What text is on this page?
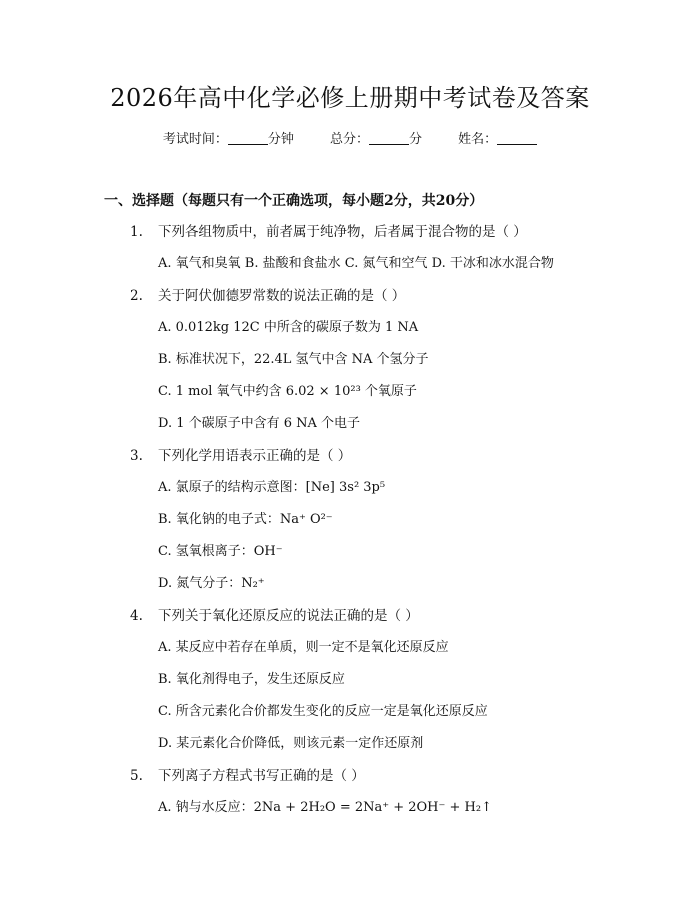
2026年高中化学必修上册期中考试卷及答案
考试时间：	分钟	总分：	分	姓名：
一、选择题（每题只有一个正确选项，每小题2分，共20分）
1. 下列各组物质中，前者属于纯净物，后者属于混合物的是（ ）
A. 氧气和臭氧 B. 盐酸和食盐水 C. 氮气和空气 D. 干冰和冰水混合物
2. 关于阿伏伽德罗常数的说法正确的是（ ）
A. 0.012kg 12C 中所含的碳原子数为 1 NA
B. 标准状况下，22.4L 氢气中含 NA 个氢分子
C. 1 mol 氧气中约含 6.02 × 10²³ 个氧原子
D. 1 个碳原子中含有 6 NA 个电子
3. 下列化学用语表示正确的是（ ）
A. 氯原子的结构示意图：[Ne] 3s² 3p⁵
B. 氧化钠的电子式：Na⁺ O²⁻
C. 氢氧根离子：OH⁻
D. 氮气分子：N₂⁺
4. 下列关于氧化还原反应的说法正确的是（ ）
A. 某反应中若存在单质，则一定不是氧化还原反应
B. 氧化剂得电子，发生还原反应
C. 所含元素化合价都发生变化的反应一定是氧化还原反应
D. 某元素化合价降低，则该元素一定作还原剂
5. 下列离子方程式书写正确的是（ ）
A. 钠与水反应：2Na + 2H₂O = 2Na⁺ + 2OH⁻ + H₂↑
